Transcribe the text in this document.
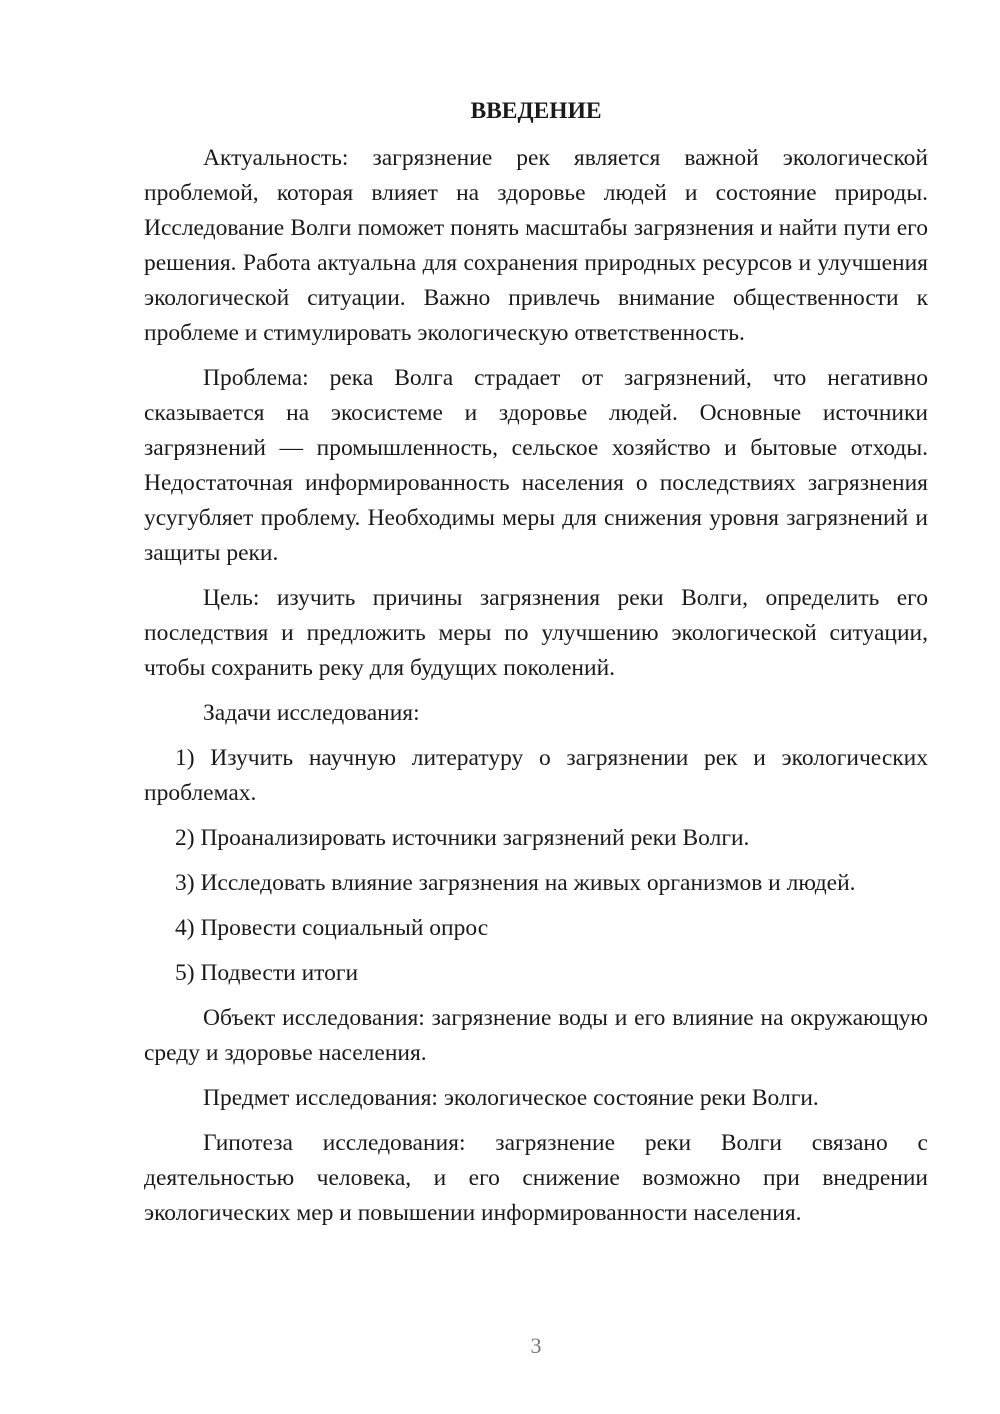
ВВЕДЕНИЕ

Актуальность: загрязнение рек является важной экологической проблемой, которая влияет на здоровье людей и состояние природы. Исследование Волги поможет понять масштабы загрязнения и найти пути его решения. Работа актуальна для сохранения природных ресурсов и улучшения экологической ситуации. Важно привлечь внимание общественности к проблеме и стимулировать экологическую ответственность.

Проблема: река Волга страдает от загрязнений, что негативно сказывается на экосистеме и здоровье людей. Основные источники загрязнений — промышленность, сельское хозяйство и бытовые отходы. Недостаточная информированность населения о последствиях загрязнения усугубляет проблему. Необходимы меры для снижения уровня загрязнений и защиты реки.

Цель: изучить причины загрязнения реки Волги, определить его последствия и предложить меры по улучшению экологической ситуации, чтобы сохранить реку для будущих поколений.

Задачи исследования:

1) Изучить научную литературу о загрязнении рек и экологических проблемах.

2) Проанализировать источники загрязнений реки Волги.

3) Исследовать влияние загрязнения на живых организмов и людей.

4) Провести социальный опрос

5) Подвести итоги

Объект исследования: загрязнение воды и его влияние на окружающую среду и здоровье населения.

Предмет исследования: экологическое состояние реки Волги.

Гипотеза исследования: загрязнение реки Волги связано с деятельностью человека, и его снижение возможно при внедрении экологических мер и повышении информированности населения.

3
